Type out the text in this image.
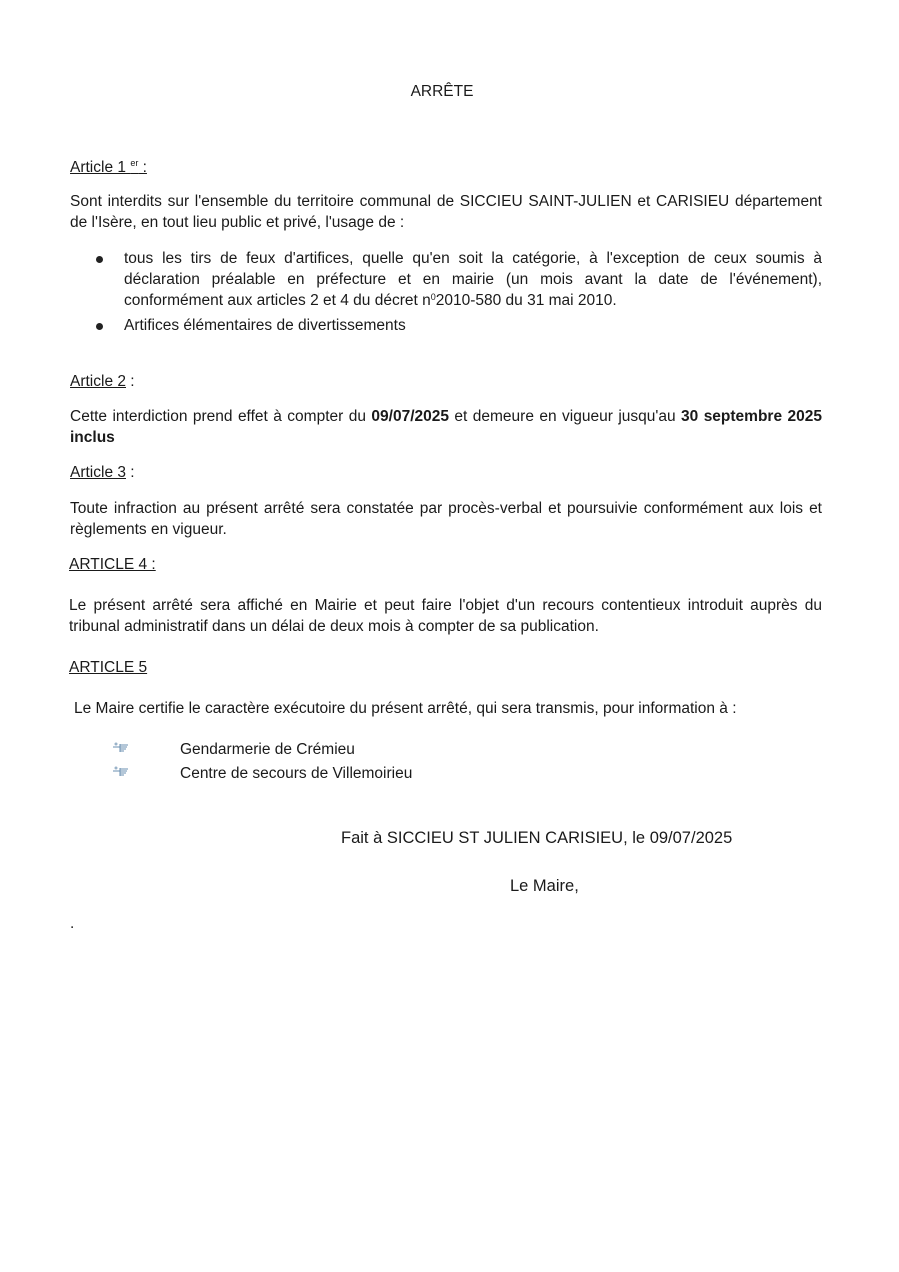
ARRÊTE
Article 1 $^{er}$ :
Sont interdits sur l'ensemble du territoire communal de SICCIEU SAINT-JULIEN et CARISIEU département de l'Isère, en tout lieu public et privé, l'usage de :
tous les tirs de feux d'artifices, quelle qu'en soit la catégorie, à l'exception de ceux soumis à déclaration préalable en préfecture et en mairie (un mois avant la date de l'événement), conformément aux articles 2 et 4 du décret $n^02010-580$ du 31 mai 2010.
Artifices élémentaires de divertissements
Article 2 :
Cette interdiction prend effet à compter du 09/07/2025 et demeure en vigueur jusqu'au 30 septembre 2025 inclus
Article 3 :
Toute infraction au présent arrêté sera constatée par procès-verbal et poursuivie conformément aux lois et règlements en vigueur.
ARTICLE 4 :
Le présent arrêté sera affiché en Mairie et peut faire l'objet d'un recours contentieux introduit auprès du tribunal administratif dans un délai de deux mois à compter de sa publication.
ARTICLE 5
Le Maire certifie le caractère exécutoire du présent arrêté, qui sera transmis, pour information à :
Gendarmerie de Crémieu
Centre de secours de Villemoirieu
Fait à SICCIEU ST JULIEN CARISIEU, le 09/07/2025
Le Maire,
.
